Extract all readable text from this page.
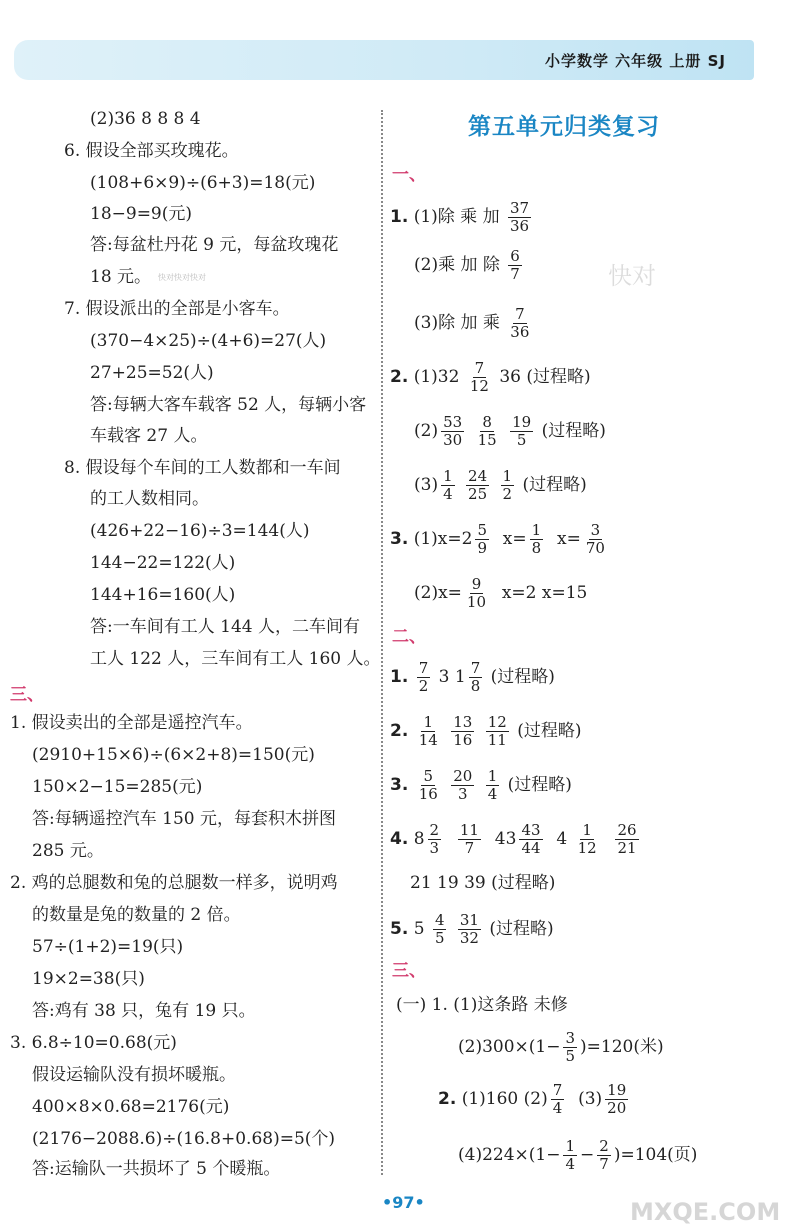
小学数学 六年级 上册 SJ
(2)36 8 8 8 4
6. 假设全部买玫瑰花。
(108+6×9)÷(6+3)=18(元)
18−9=9(元)
答:每盆杜丹花 9 元，每盆玫瑰花
18 元。
7. 假设派出的全部是小客车。
(370−4×25)÷(4+6)=27(人)
27+25=52(人)
答:每辆大客车载客 52 人，每辆小客
车载客 27 人。
8. 假设每个车间的工人数都和一车间
的工人数相同。
(426+22−16)÷3=144(人)
144−22=122(人)
144+16=160(人)
答:一车间有工人 144 人，二车间有
工人 122 人，三车间有工人 160 人。
三、
1. 假设卖出的全部是遥控汽车。
(2910+15×6)÷(6×2+8)=150(元)
150×2−15=285(元)
答:每辆遥控汽车 150 元，每套积木拼图
285 元。
2. 鸡的总腿数和兔的总腿数一样多，说明鸡
的数量是兔的数量的 2 倍。
57÷(1+2)=19(只)
19×2=38(只)
答:鸡有 38 只，兔有 19 只。
3. 6.8÷10=0.68(元)
假设运输队没有损坏暖瓶。
400×8×0.68=2176(元)
(2176−2088.6)÷(16.8+0.68)=5(个)
答:运输队一共损坏了 5 个暖瓶。
第五单元归类复习
一、
1. (1)除 乘 加 $\frac{37}{36}$
(2)乘 加 除 $\frac{6}{7}$
(3)除 加 乘 $\frac{7}{36}$
2. $(1)32 \frac{7}{12} 36$ (过程略)
$(2) \frac{53}{30}$
$\frac{8}{15}$
$\frac{19}{5}$ (过程略)
$(3) \frac{1}{4}$
$\frac{24}{25}$
$\frac{1}{2}$ (过程略)
3. $(1)x=2 \frac{5}{9} x= \frac{1}{8} x= \frac{3}{70}$
$(2)x= \frac{9}{10} x=2$ x=15
二、
1. $\frac{7}{2} 3$ $1 \frac{7}{8}$ (过程略)
2. $\frac{1}{14}$
$\frac{13}{16}$
$\frac{12}{11}$ (过程略)
3. $\frac{5}{16}$
$\frac{20}{3}$
$\frac{1}{4}$ (过程略)
4. $8 \frac{2}{3}$
$\frac{11}{7} 43 \frac{43}{44} 4 \frac{1}{12}$
$\frac{26}{21}$
21 19 39 (过程略)
5. $5 \frac{4}{5}$
$\frac{31}{32}$ (过程略)
三、
(一) 1. (1)这条路 未修
$(2)300\times(1- \frac{3}{5} )=120$(米)
2. (1)160 $(2) \frac{7}{4} (3) \frac{19}{20}$
$(4)224\times(1- \frac{1}{4} - \frac{2}{7} )=104$(页)
快对快对快对	快对
MXQE.COM
•97•
